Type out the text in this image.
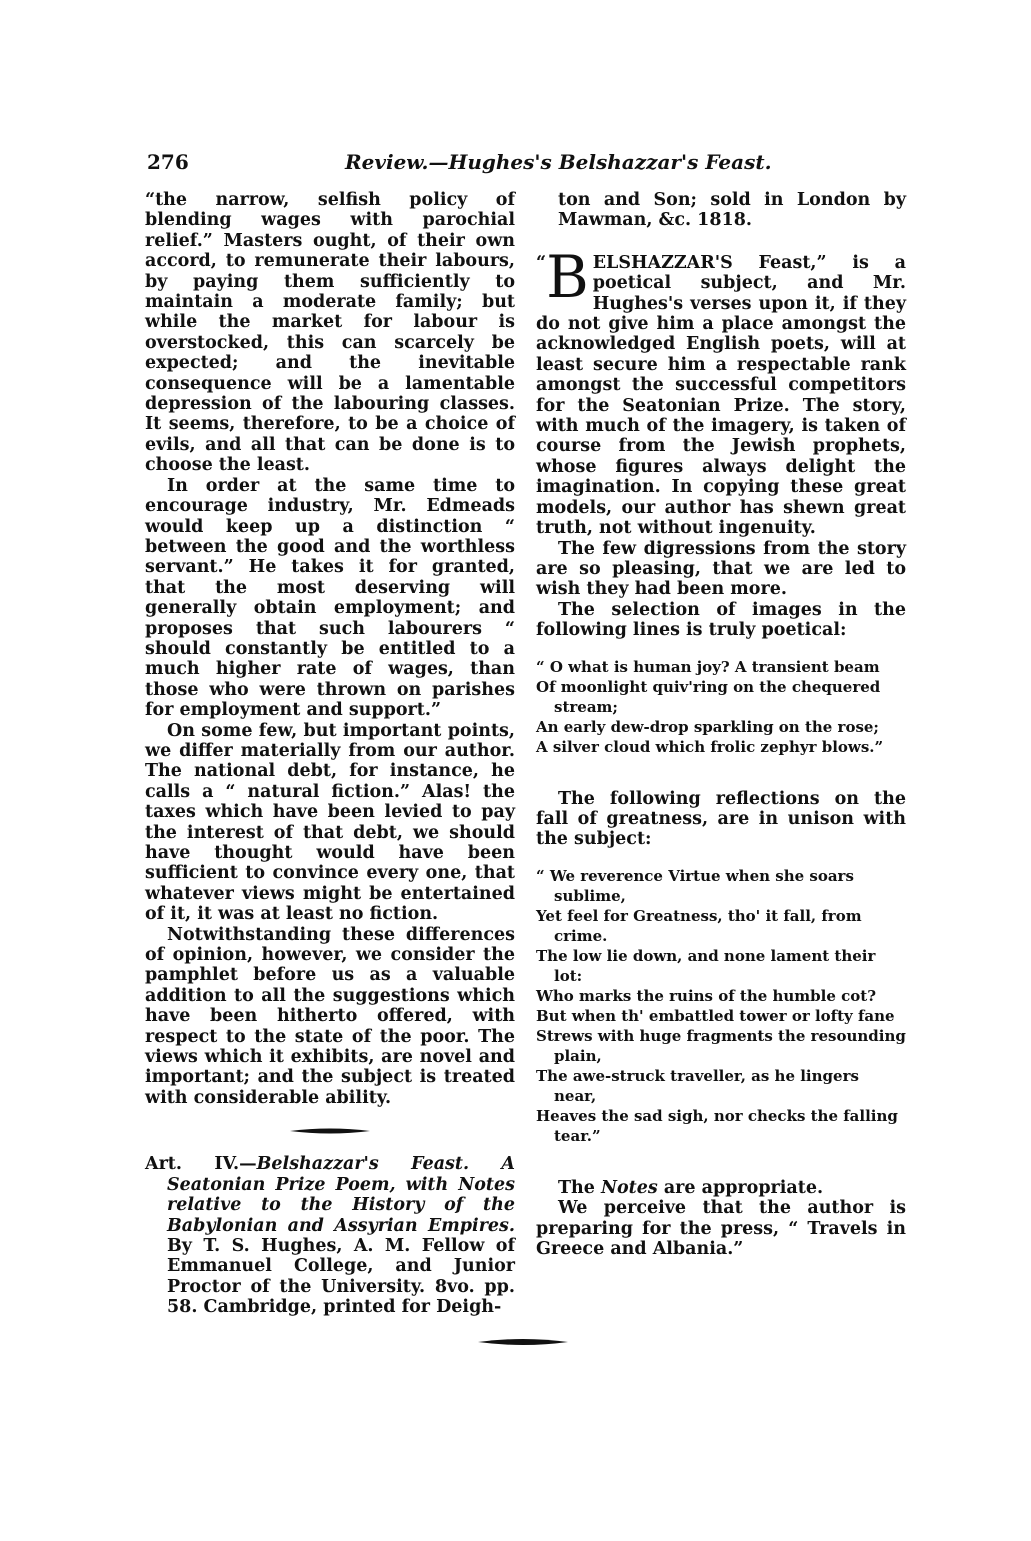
276	Review.—Hughes's Belshazzar's Feast.

“the narrow, selfish policy of blending wages with parochial relief.” Masters ought, of their own accord, to remunerate their labours, by paying them sufficiently to maintain a moderate family; but while the market for labour is overstocked, this can scarcely be expected; and the inevitable consequence will be a lamentable depression of the labouring classes. It seems, therefore, to be a choice of evils, and all that can be done is to choose the least.

In order at the same time to encourage industry, Mr. Edmeads would keep up a distinction “ between the good and the worthless servant.” He takes it for granted, that the most deserving will generally obtain employment; and proposes that such labourers “ should constantly be entitled to a much higher rate of wages, than those who were thrown on parishes for employment and support.”

On some few, but important points, we differ materially from our author. The national debt, for instance, he calls a “ natural fiction.” Alas! the taxes which have been levied to pay the interest of that debt, we should have thought would have been sufficient to convince every one, that whatever views might be entertained of it, it was at least no fiction.

Notwithstanding these differences of opinion, however, we consider the pamphlet before us as a valuable addition to all the suggestions which have been hitherto offered, with respect to the state of the poor. The views which it exhibits, are novel and important; and the subject is treated with considerable ability.

Art. IV.—Belshazzar's Feast. A Seatonian Prize Poem, with Notes relative to the History of the Babylonian and Assyrian Empires. By T. S. Hughes, A. M. Fellow of Emmanuel College, and Junior Proctor of the University. 8vo. pp. 58. Cambridge, printed for Deigh-

ton and Son; sold in London by Mawman, &c. 1818.

“ B ELSHAZZAR'S Feast,” is a poetical subject, and Mr. Hughes's verses upon it, if they do not give him a place amongst the acknowledged English poets, will at least secure him a respectable rank amongst the successful competitors for the Seatonian Prize. The story, with much of the imagery, is taken of course from the Jewish prophets, whose figures always delight the imagination. In copying these great models, our author has shewn great truth, not without ingenuity.

The few digressions from the story are so pleasing, that we are led to wish they had been more.

The selection of images in the following lines is truly poetical:

“ O what is human joy? A transient beam
Of moonlight quiv'ring on the chequered stream;
An early dew-drop sparkling on the rose;
A silver cloud which frolic zephyr blows.”

The following reflections on the fall of greatness, are in unison with the subject:

“ We reverence Virtue when she soars sublime,
Yet feel for Greatness, tho' it fall, from crime.
The low lie down, and none lament their lot:
Who marks the ruins of the humble cot?
But when th' embattled tower or lofty fane
Strews with huge fragments the resounding plain,
The awe-struck traveller, as he lingers near,
Heaves the sad sigh, nor checks the falling tear.”

The Notes are appropriate.

We perceive that the author is preparing for the press, “ Travels in Greece and Albania.”
